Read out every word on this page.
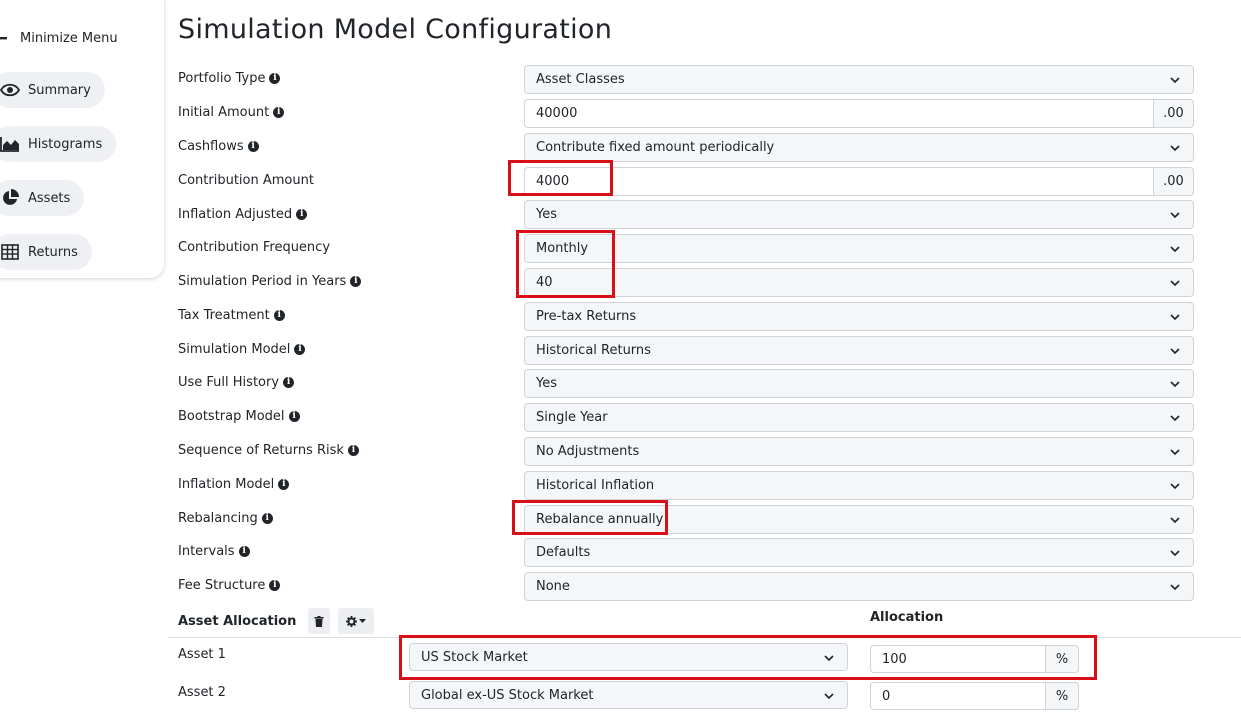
Minimize Menu
Summary
Histograms
Assets
Returns
Simulation Model Configuration
Portfolio Type i	Asset Classes
Initial Amount i	40000	.00
Cashflows i	Contribute fixed amount periodically
Contribution Amount	4000	.00
Inflation Adjusted i	Yes
Contribution Frequency	Monthly
Simulation Period in Years i	40
Tax Treatment i	Pre-tax Returns
Simulation Model i	Historical Returns
Use Full History i	Yes
Bootstrap Model i	Single Year
Sequence of Returns Risk i	No Adjustments
Inflation Model i	Historical Inflation
Rebalancing i	Rebalance annually
Intervals i	Defaults
Fee Structure i	None
Asset Allocation	Allocation
Asset 1	US Stock Market	100	%
Asset 2	Global ex-US Stock Market	0	%
